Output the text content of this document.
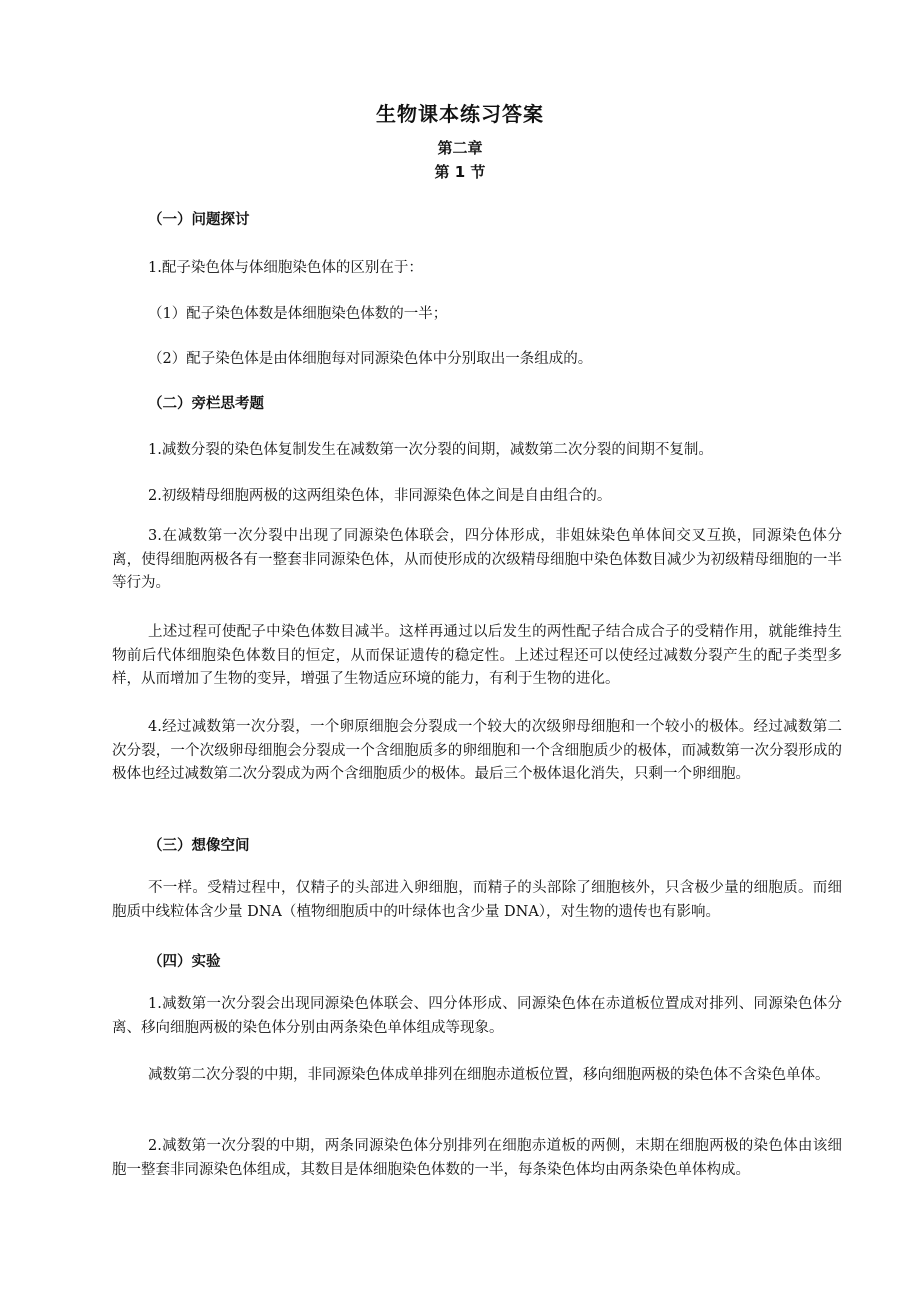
生物课本练习答案
第二章
第 1 节
（一）问题探讨
1.配子染色体与体细胞染色体的区别在于：
（1）配子染色体数是体细胞染色体数的一半；
（2）配子染色体是由体细胞每对同源染色体中分别取出一条组成的。
（二）旁栏思考题
1.减数分裂的染色体复制发生在减数第一次分裂的间期，减数第二次分裂的间期不复制。
2.初级精母细胞两极的这两组染色体，非同源染色体之间是自由组合的。
3.在减数第一次分裂中出现了同源染色体联会，四分体形成，非姐妹染色单体间交叉互换，同源染色体分离，使得细胞两极各有一整套非同源染色体，从而使形成的次级精母细胞中染色体数目减少为初级精母细胞的一半等行为。
上述过程可使配子中染色体数目减半。这样再通过以后发生的两性配子结合成合子的受精作用，就能维持生物前后代体细胞染色体数目的恒定，从而保证遗传的稳定性。上述过程还可以使经过减数分裂产生的配子类型多样，从而增加了生物的变异，增强了生物适应环境的能力，有利于生物的进化。
4.经过减数第一次分裂，一个卵原细胞会分裂成一个较大的次级卵母细胞和一个较小的极体。经过减数第二次分裂，一个次级卵母细胞会分裂成一个含细胞质多的卵细胞和一个含细胞质少的极体，而减数第一次分裂形成的极体也经过减数第二次分裂成为两个含细胞质少的极体。最后三个极体退化消失，只剩一个卵细胞。
（三）想像空间
不一样。受精过程中，仅精子的头部进入卵细胞，而精子的头部除了细胞核外，只含极少量的细胞质。而细胞质中线粒体含少量 DNA（植物细胞质中的叶绿体也含少量 DNA），对生物的遗传也有影响。
（四）实验
1.减数第一次分裂会出现同源染色体联会、四分体形成、同源染色体在赤道板位置成对排列、同源染色体分离、移向细胞两极的染色体分别由两条染色单体组成等现象。
减数第二次分裂的中期，非同源染色体成单排列在细胞赤道板位置，移向细胞两极的染色体不含染色单体。
2.减数第一次分裂的中期，两条同源染色体分别排列在细胞赤道板的两侧，末期在细胞两极的染色体由该细胞一整套非同源染色体组成，其数目是体细胞染色体数的一半，每条染色体均由两条染色单体构成。
